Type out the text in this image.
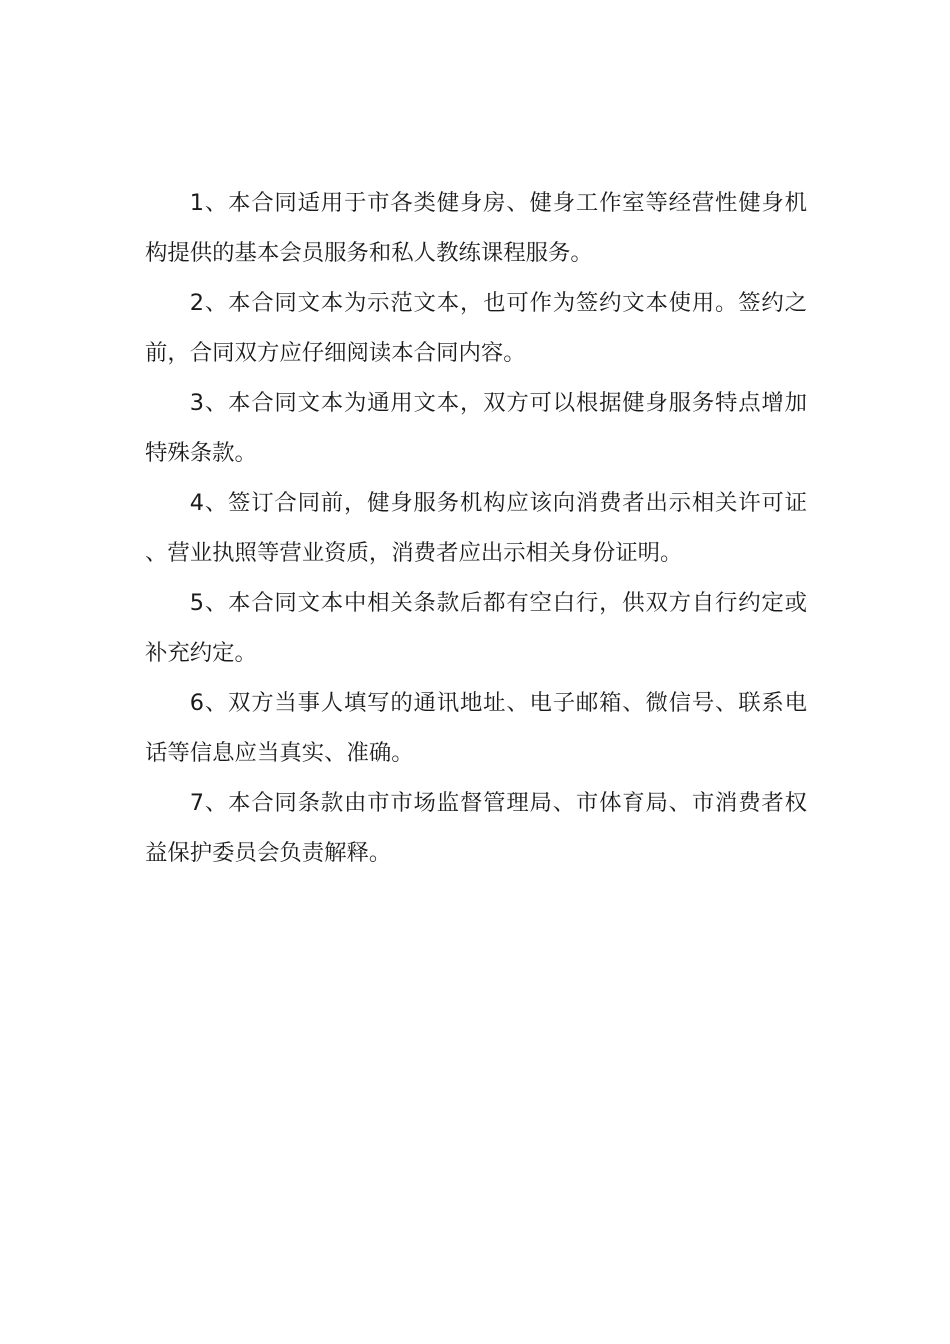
1、本合同适用于市各类健身房、健身工作室等经营性健身机构提供的基本会员服务和私人教练课程服务。

2、本合同文本为示范文本，也可作为签约文本使用。签约之前，合同双方应仔细阅读本合同内容。

3、本合同文本为通用文本，双方可以根据健身服务特点增加特殊条款。

4、签订合同前，健身服务机构应该向消费者出示相关许可证、营业执照等营业资质，消费者应出示相关身份证明。

5、本合同文本中相关条款后都有空白行，供双方自行约定或补充约定。

6、双方当事人填写的通讯地址、电子邮箱、微信号、联系电话等信息应当真实、准确。

7、本合同条款由市市场监督管理局、市体育局、市消费者权益保护委员会负责解释。
